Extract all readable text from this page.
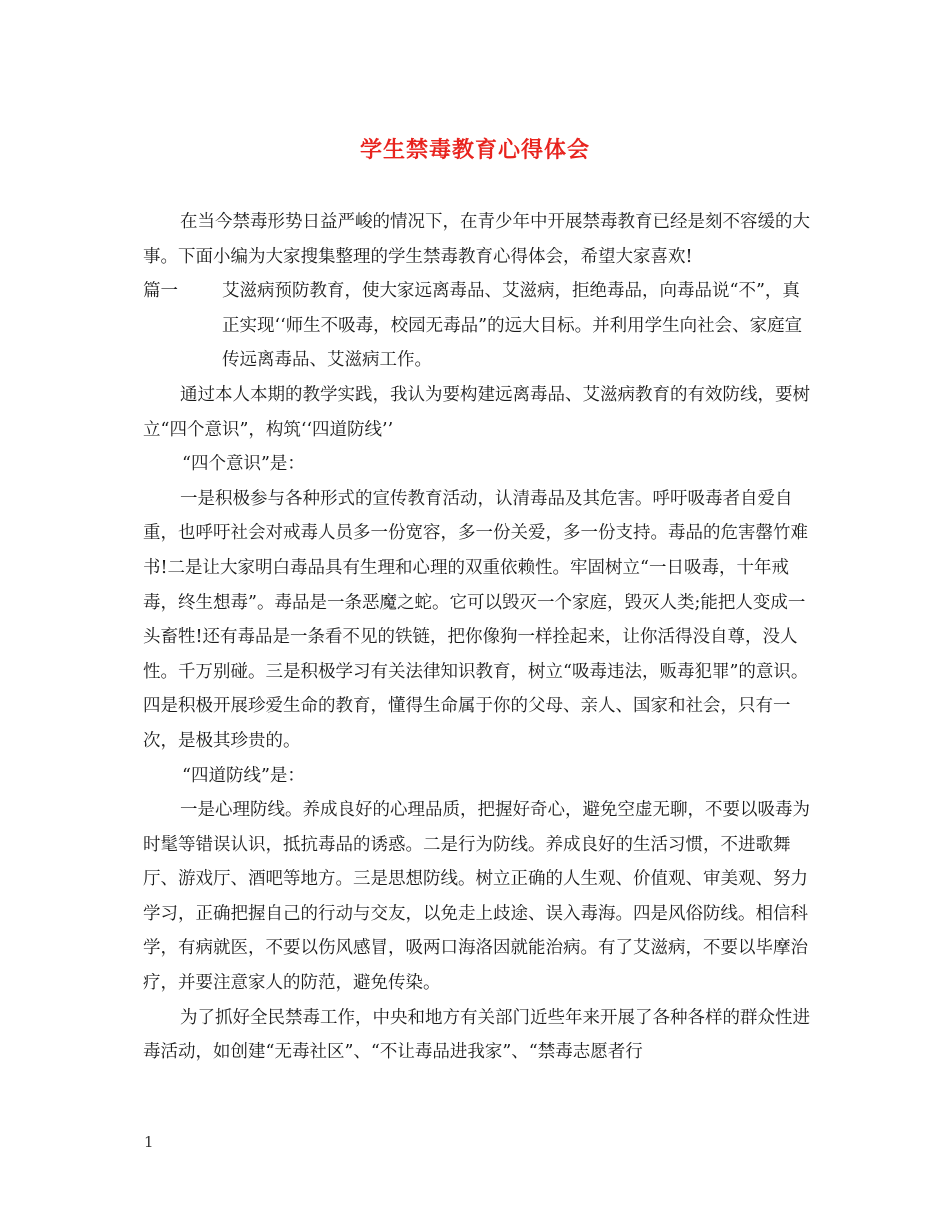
学生禁毒教育心得体会

在当今禁毒形势日益严峻的情况下，在青少年中开展禁毒教育已经是刻不容缓的大事。下面小编为大家搜集整理的学生禁毒教育心得体会，希望大家喜欢!

篇一	艾滋病预防教育，使大家远离毒品、艾滋病，拒绝毒品，向毒品说“不”，真正实现‘‘师生不吸毒，校园无毒品”的远大目标。并利用学生向社会、家庭宣传远离毒品、艾滋病工作。

通过本人本期的教学实践，我认为要构建远离毒品、艾滋病教育的有效防线，要树立“四个意识”，构筑‘‘四道防线’’

“四个意识”是：

一是积极参与各种形式的宣传教育活动，认清毒品及其危害。呼吁吸毒者自爱自重，也呼吁社会对戒毒人员多一份宽容，多一份关爱，多一份支持。毒品的危害罄竹难书!二是让大家明白毒品具有生理和心理的双重依赖性。牢固树立“一日吸毒，十年戒毒，终生想毒”。毒品是一条恶魔之蛇。它可以毁灭一个家庭，毁灭人类;能把人变成一头畜牲!还有毒品是一条看不见的铁链，把你像狗一样拴起来，让你活得没自尊，没人性。千万别碰。三是积极学习有关法律知识教育，树立“吸毒违法，贩毒犯罪”的意识。四是积极开展珍爱生命的教育，懂得生命属于你的父母、亲人、国家和社会，只有一次，是极其珍贵的。

“四道防线”是：

一是心理防线。养成良好的心理品质，把握好奇心，避免空虚无聊，不要以吸毒为时髦等错误认识，抵抗毒品的诱惑。二是行为防线。养成良好的生活习惯，不进歌舞厅、游戏厅、酒吧等地方。三是思想防线。树立正确的人生观、价值观、审美观、努力学习，正确把握自己的行动与交友，以免走上歧途、误入毒海。四是风俗防线。相信科学，有病就医，不要以伤风感冒，吸两口海洛因就能治病。有了艾滋病，不要以毕摩治疗，并要注意家人的防范，避免传染。

为了抓好全民禁毒工作，中央和地方有关部门近些年来开展了各种各样的群众性进毒活动，如创建“无毒社区”、“不让毒品进我家”、“禁毒志愿者行

1
